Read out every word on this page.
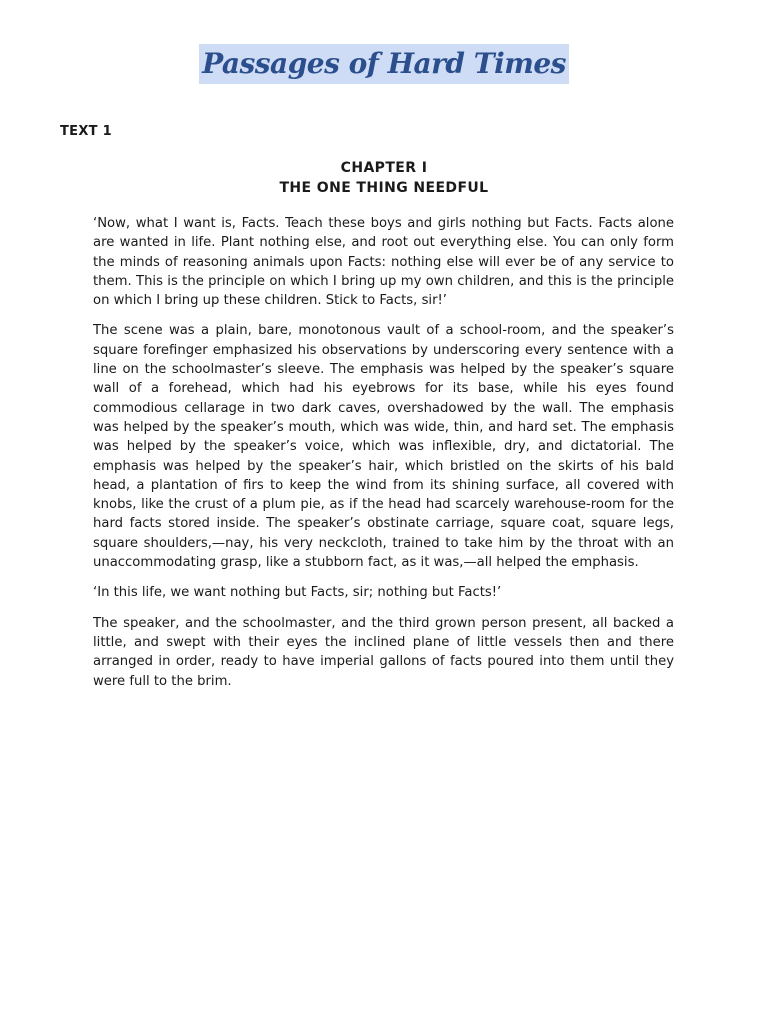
Passages of Hard Times
TEXT 1
CHAPTER I
THE ONE THING NEEDFUL

‘Now, what I want is, Facts. Teach these boys and girls nothing but Facts. Facts alone are wanted in life. Plant nothing else, and root out everything else. You can only form the minds of reasoning animals upon Facts: nothing else will ever be of any service to them. This is the principle on which I bring up my own children, and this is the principle on which I bring up these children. Stick to Facts, sir!’

The scene was a plain, bare, monotonous vault of a school-room, and the speaker’s square forefinger emphasized his observations by underscoring every sentence with a line on the schoolmaster’s sleeve. The emphasis was helped by the speaker’s square wall of a forehead, which had his eyebrows for its base, while his eyes found commodious cellarage in two dark caves, overshadowed by the wall. The emphasis was helped by the speaker’s mouth, which was wide, thin, and hard set. The emphasis was helped by the speaker’s voice, which was inflexible, dry, and dictatorial. The emphasis was helped by the speaker’s hair, which bristled on the skirts of his bald head, a plantation of firs to keep the wind from its shining surface, all covered with knobs, like the crust of a plum pie, as if the head had scarcely warehouse-room for the hard facts stored inside. The speaker’s obstinate carriage, square coat, square legs, square shoulders,—nay, his very neckcloth, trained to take him by the throat with an unaccommodating grasp, like a stubborn fact, as it was,—all helped the emphasis.

‘In this life, we want nothing but Facts, sir; nothing but Facts!’

The speaker, and the schoolmaster, and the third grown person present, all backed a little, and swept with their eyes the inclined plane of little vessels then and there arranged in order, ready to have imperial gallons of facts poured into them until they were full to the brim.
